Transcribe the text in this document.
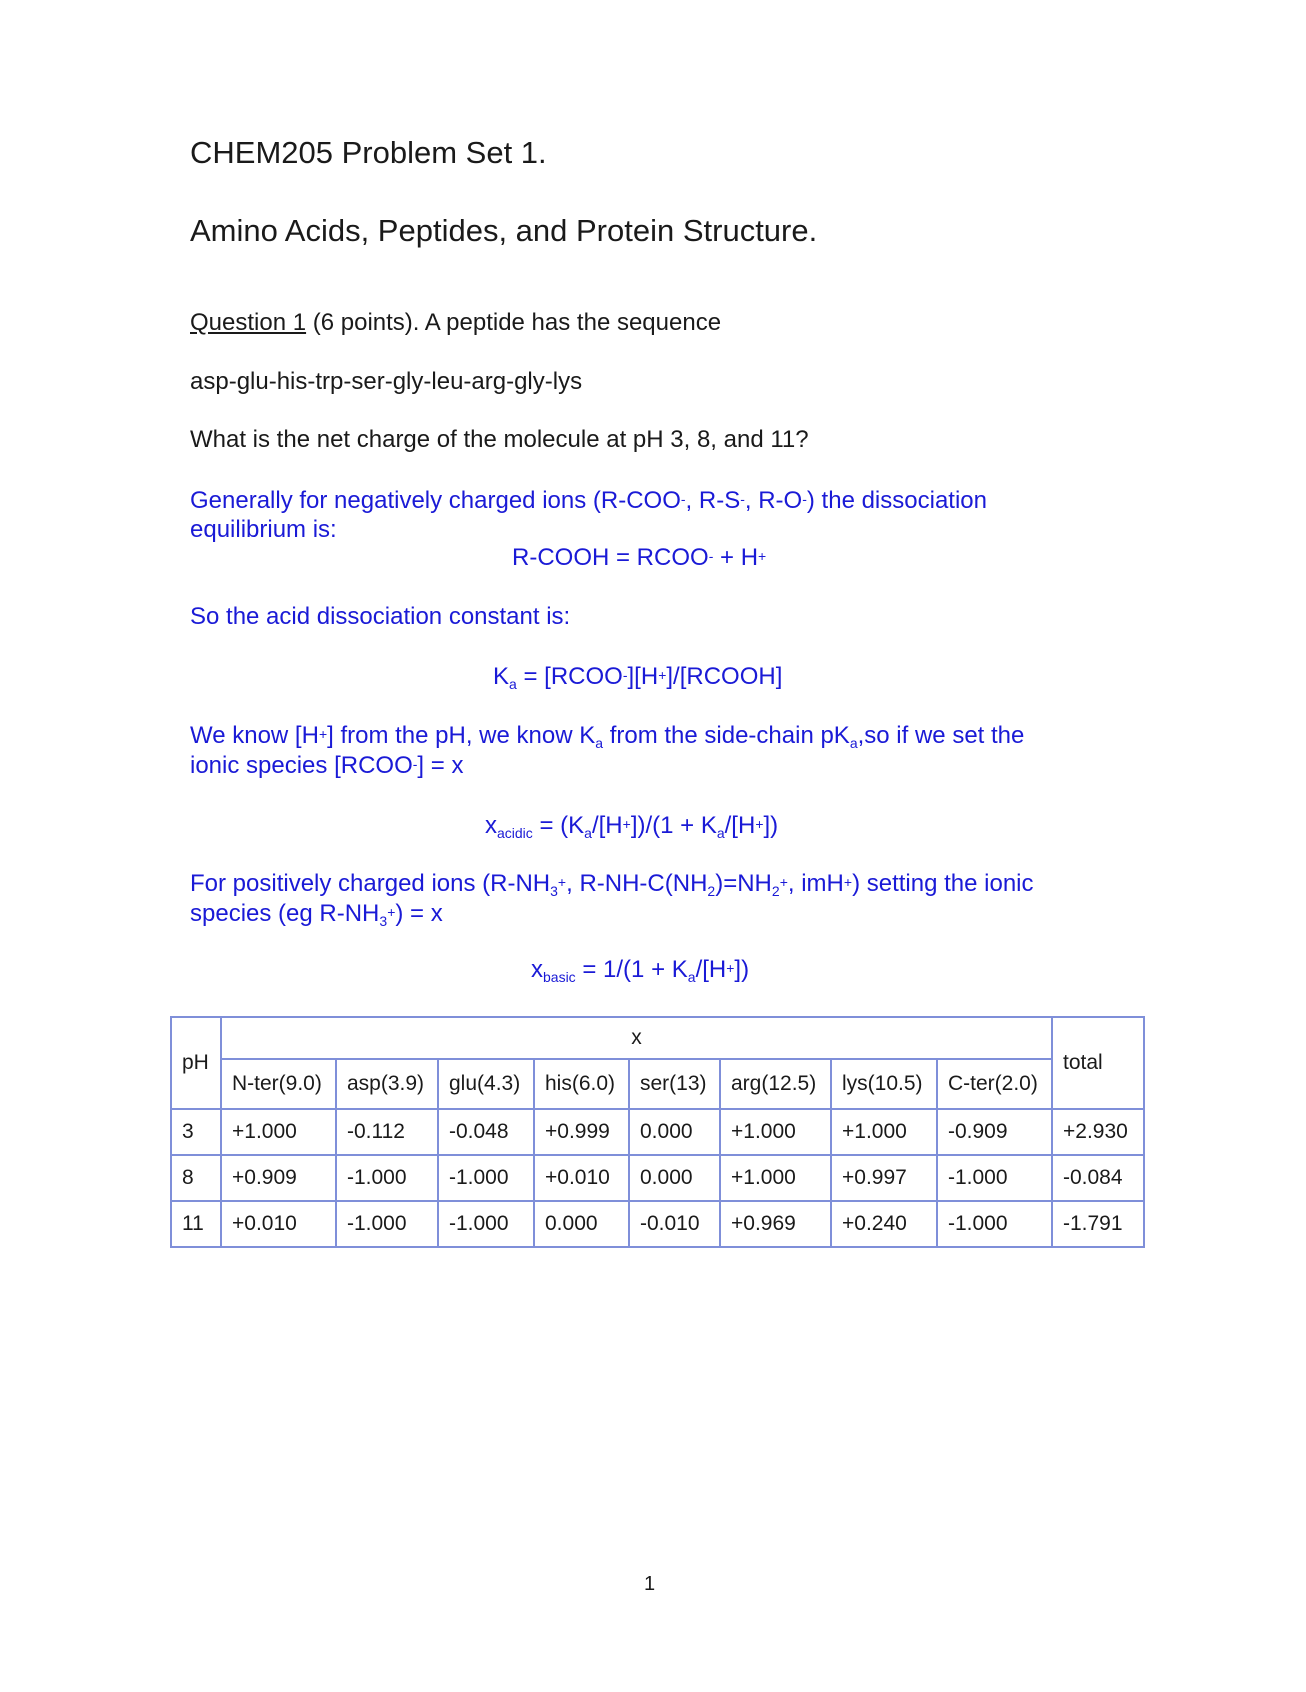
CHEM205 Problem Set 1.
Amino Acids, Peptides, and Protein Structure.
Question 1 (6 points). A peptide has the sequence
asp-glu-his-trp-ser-gly-leu-arg-gly-lys
What is the net charge of the molecule at pH 3, 8, and 11?
Generally for negatively charged ions (R-COO-, R-S-, R-O-) the dissociation
equilibrium is:
R-COOH = RCOO- + H+
So the acid dissociation constant is:
$K_a$ = [RCOO-][H+]/[RCOOH]
We know [H+] from the pH, we know $K_a$ from the side-chain $pK_a,so$ if we set the
ionic species [RCOO-] = x
$x_{acidic} = (K_a/[H^+])/(1 + K_a/[H^+])$
For positively charged ions ($R-NH_3^+$, $R-NH-C(NH_2)=NH_2^+$, imH+) setting the ionic
species (eg $R-NH_3^+) = x$
$x_{basic} = 1/(1 + K_a/[H^+])$
pH	x								total
	N-ter(9.0)	asp(3.9)	glu(4.3)	his(6.0)	ser(13)	arg(12.5)	lys(10.5)	C-ter(2.0)	
3	+1.000	-0.112	-0.048	+0.999	0.000	+1.000	+1.000	-0.909	+2.930
8	+0.909	-1.000	-1.000	+0.010	0.000	+1.000	+0.997	-1.000	-0.084
11	+0.010	-1.000	-1.000	0.000	-0.010	+0.969	+0.240	-1.000	-1.791
1
